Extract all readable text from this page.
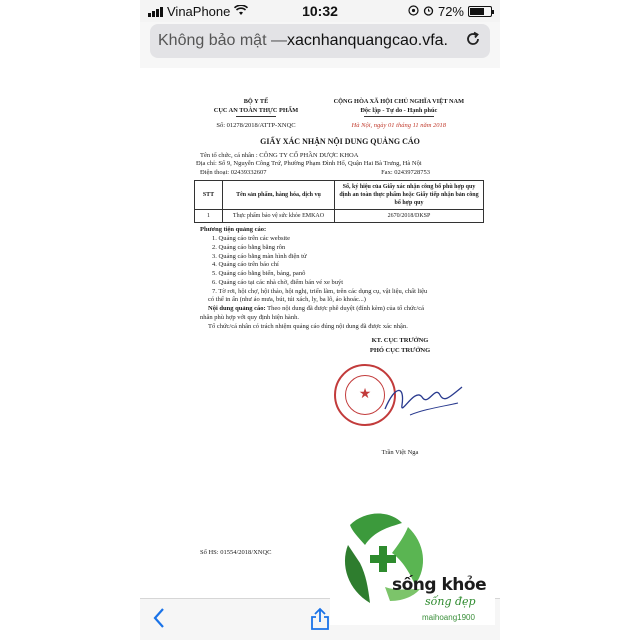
VinaPhone	10:32	72%
Không bảo mật — xacnhanquangcao.vfa.
BỘ Y TẾ
CỤC AN TOÀN THỰC PHẨM
CỘNG HÒA XÃ HỘI CHỦ NGHĨA VIỆT NAM
Độc lập - Tự do - Hạnh phúc
Số: 01278/2018/ATTP-XNQC	Hà Nội, ngày 01 tháng 11 năm 2018
GIẤY XÁC NHẬN NỘI DUNG QUẢNG CÁO
Tên tổ chức, cá nhân : CÔNG TY CỔ PHẦN DƯỢC KHOA
Địa chỉ: Số 9, Nguyễn Công Trứ, Phường Phạm Đình Hổ, Quận Hai Bà Trưng, Hà Nội
Điện thoại: 02439332607	Fax: 02439728753
STT	Tên sản phẩm, hàng hóa, dịch vụ	Số, ký hiệu của Giấy xác nhận công bố phù hợp quy định an toàn thực phẩm hoặc Giấy tiếp nhận bản công bố hợp quy
1	Thực phẩm bảo vệ sức khỏe EMKAO	2670/2018/DKSP
Phương tiện quảng cáo:
1. Quảng cáo trên các website
2. Quảng cáo bằng băng rôn
3. Quảng cáo bằng màn hình điện tử
4. Quảng cáo trên báo chí
5. Quảng cáo bằng biển, bảng, panô
6. Quảng cáo tại các nhà chờ, điểm bán vé xe buýt
7. Tờ rơi, hội chợ, hội thảo, hội nghị, triển lãm, trên các dụng cụ, vật liệu, chất liệu
có thể in ấn (như áo mưa, bút, túi xách, ly, ba lô, áo khoác...)
Nội dung quảng cáo: Theo nội dung đã được phê duyệt (đính kèm) của tổ chức/cá
nhân phù hợp với quy định hiện hành.
Tổ chức/cá nhân có trách nhiệm quảng cáo đúng nội dung đã được xác nhận.
KT. CỤC TRƯỞNG
PHÓ CỤC TRƯỞNG
★
Trần Việt Nga
Số HS: 01554/2018/XNQC
sống khỏe
sống đẹp
maihoang1900
